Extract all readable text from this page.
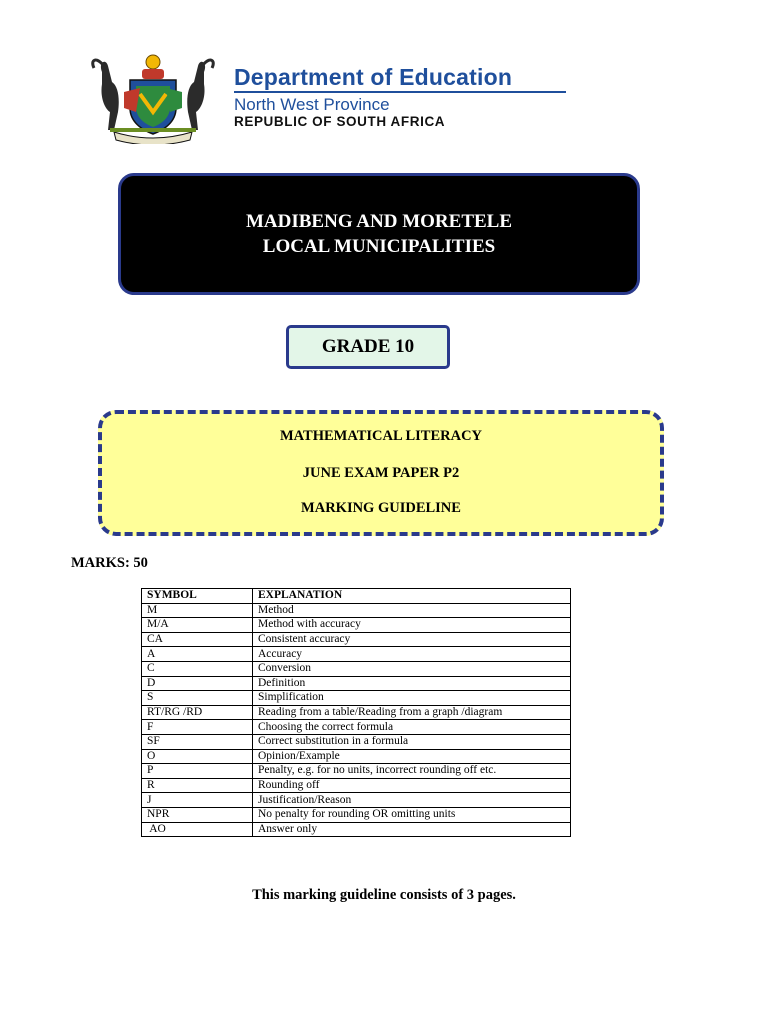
Department of Education
North West Province
REPUBLIC OF SOUTH AFRICA
MADIBENG AND MORETELE
LOCAL MUNICIPALITIES
GRADE 10
MATHEMATICAL LITERACY
JUNE EXAM PAPER P2
MARKING GUIDELINE
MARKS: 50
SYMBOL	EXPLANATION
M	Method
M/A	Method with accuracy
CA	Consistent accuracy
A	Accuracy
C	Conversion
D	Definition
S	Simplification
RT/RG /RD	Reading from a table/Reading from a graph /diagram
F	Choosing the correct formula
SF	Correct substitution in a formula
O	Opinion/Example
P	Penalty, e.g. for no units, incorrect rounding off etc.
R	Rounding off
J	Justification/Reason
NPR	No penalty for rounding OR omitting units
AO	Answer only
This marking guideline consists of 3 pages.
